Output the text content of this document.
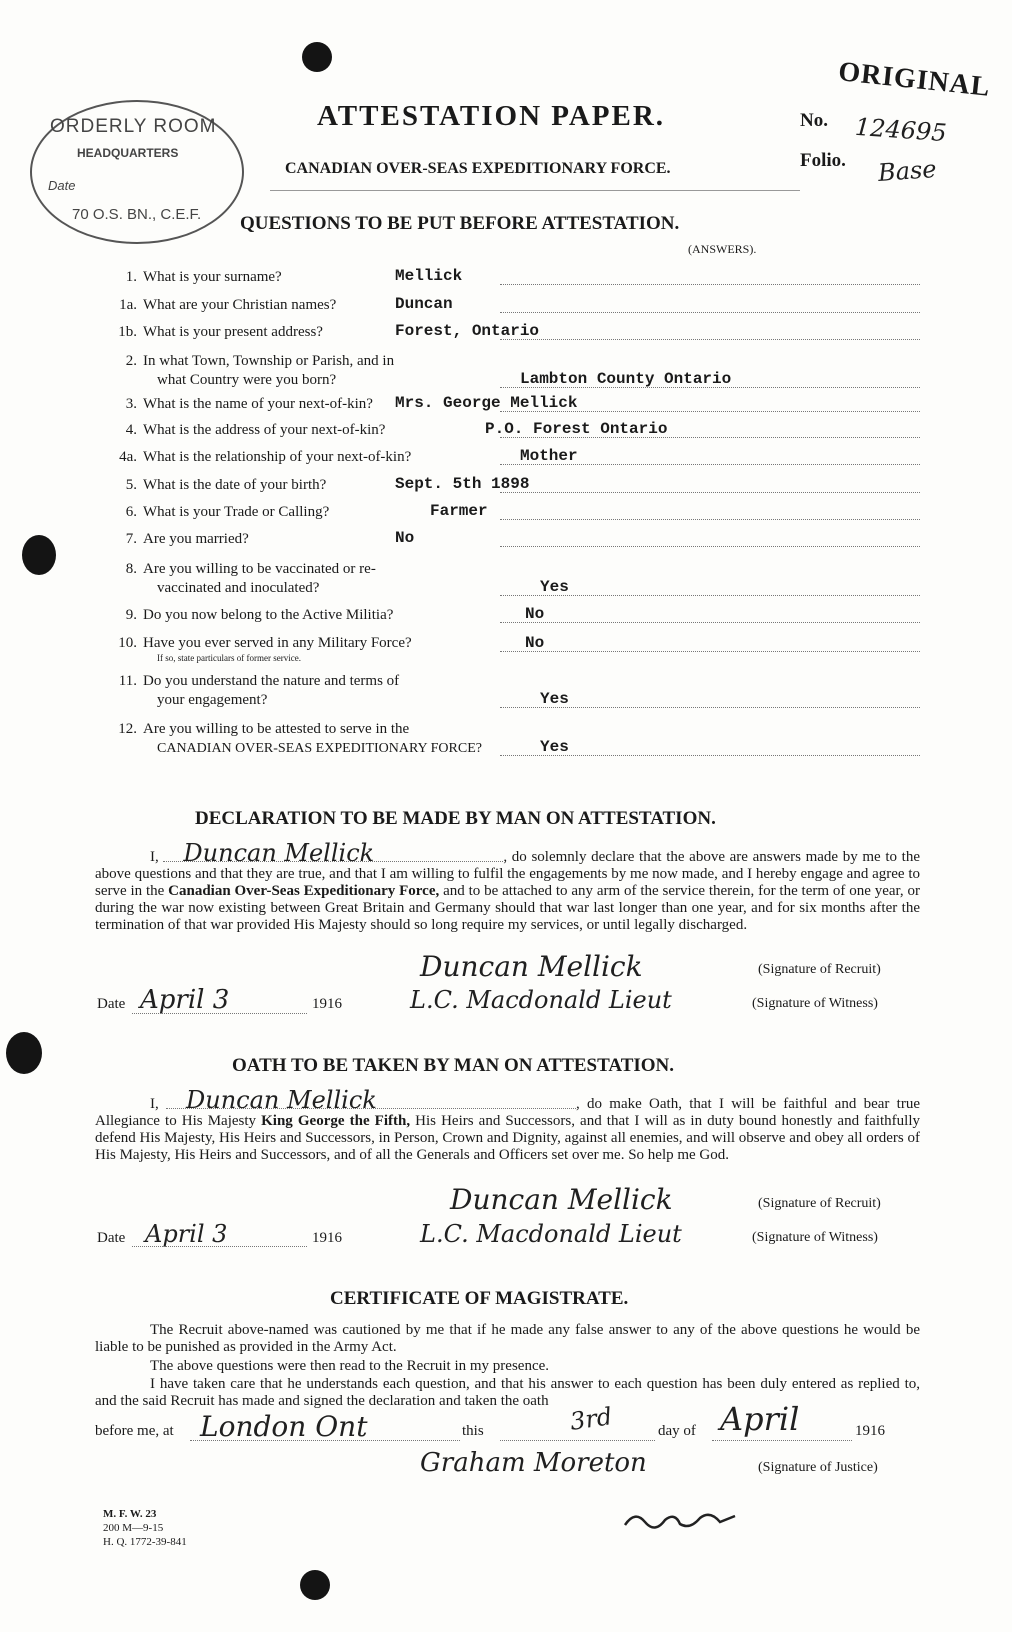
ORDERLY ROOM
HEADQUARTERS
Date
70 O.S. BN., C.E.F.
ORIGINAL
ATTESTATION PAPER.
CANADIAN OVER-SEAS EXPEDITIONARY FORCE.
No. 124695
Folio. Base
QUESTIONS TO BE PUT BEFORE ATTESTATION.
(ANSWERS).
1. What is your surname?	Mellick
1a. What are your Christian names?	Duncan
1b. What is your present address?	Forest, Ontario
2. In what Town, Township or Parish, and in
what Country were you born?	Lambton County Ontario
3. What is the name of your next-of-kin?	Mrs. George Mellick
4. What is the address of your next-of-kin?	P.O. Forest Ontario
4a. What is the relationship of your next-of-kin?	Mother
5. What is the date of your birth?	Sept. 5th 1898
6. What is your Trade or Calling?	Farmer
7. Are you married?	No
8. Are you willing to be vaccinated or re-
vaccinated and inoculated?	Yes
9. Do you now belong to the Active Militia?	No
10. Have you ever served in any Military Force?
If so, state particulars of former service.
No
11. Do you understand the nature and terms of
your engagement?	Yes
12. Are you willing to be attested to serve in the
CANADIAN OVER-SEAS EXPEDITIONARY FORCE?	Yes
DECLARATION TO BE MADE BY MAN ON ATTESTATION.
I, Duncan Mellick	, do solemnly declare that the above are answers made by me to the above questions and that they are true, and that I am willing to fulfil the engagements by me now made, and I hereby engage and agree to serve in the Canadian Over-Seas Expeditionary Force, and to be attached to any arm of the service therein, for the term of one year, or during the war now existing between Great Britain and Germany should that war last longer than one year, and for six months after the termination of that war provided His Majesty should so long require my services, or until legally discharged.
Duncan Mellick	(Signature of Recruit)
Date April 3	1916	L.C. Macdonald Lieut	(Signature of Witness)
OATH TO BE TAKEN BY MAN ON ATTESTATION.
I, Duncan Mellick	, do make Oath, that I will be faithful and bear true Allegiance to His Majesty King George the Fifth, His Heirs and Successors, and that I will as in duty bound honestly and faithfully defend His Majesty, His Heirs and Successors, in Person, Crown and Dignity, against all enemies, and will observe and obey all orders of His Majesty, His Heirs and Successors, and of all the Generals and Officers set over me. So help me God.
Duncan Mellick	(Signature of Recruit)
Date April 3	1916	L.C. Macdonald Lieut	(Signature of Witness)
CERTIFICATE OF MAGISTRATE.
The Recruit above-named was cautioned by me that if he made any false answer to any of the above questions he would be liable to be punished as provided in the Army Act.
The above questions were then read to the Recruit in my presence.
I have taken care that he understands each question, and that his answer to each question has been duly entered as replied to, and the said Recruit has made and signed the declaration and taken the oath
before me, at London Ont	this	3rd	day of April	1916
Graham Moreton	(Signature of Justice)
M. F. W. 23
200 M—9-15
H. Q. 1772-39-841
